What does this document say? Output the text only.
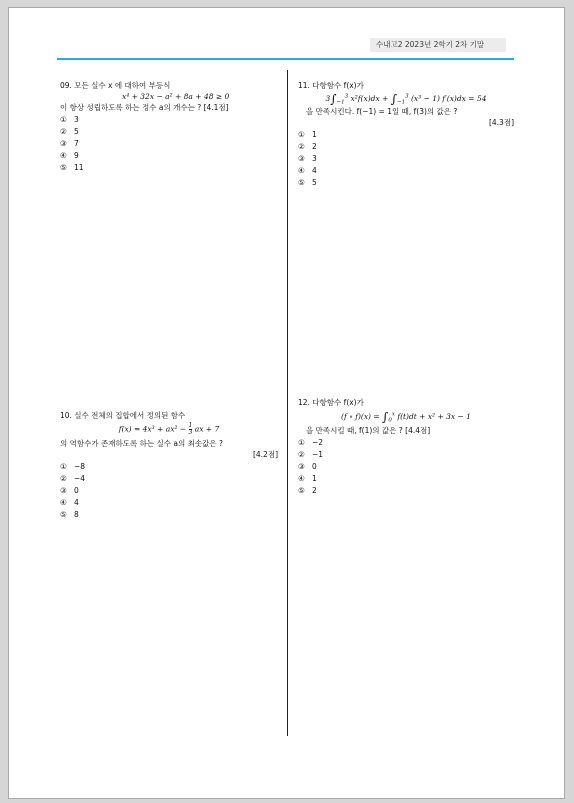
수내고2 2023년 2학기 2차 기말
09. 모든 실수 x 에 대하여 부등식
x⁴ + 32x − a² + 8a + 48 ≥ 0
이 항상 성립하도록 하는 정수 a의 개수는 ? [4.1점]
① 3
② 5
③ 7
④ 9
⑤ 11
10. 실수 전체의 집합에서 정의된 함수
$f(x) = 4x^3 + ax^2 - \frac{1}{3}$ ax + 7
의 역함수가 존재하도록 하는 실수 a의 최솟값은 ?
[4.2점]
① −8
② −4
③ 0
④ 4
⑤ 8
11. 다항함수 f(x)가
$3\int_{-1}^3$ $x^2f(x)dx + \int_{-1}^3$ (x³ − 1) f′(x)dx = 54
을 만족시킨다. f(−1) = 1일 때, f(3)의 값은 ?
[4.3점]
① 1
② 2
③ 3
④ 4
⑤ 5
12. 다항함수 f(x)가
(f ∘ $f)(x) = \int_0^x$ f(t)dt + x² + 3x − 1
을 만족시킬 때, f(1)의 값은 ? [4.4점]
① −2
② −1
③ 0
④ 1
⑤ 2
